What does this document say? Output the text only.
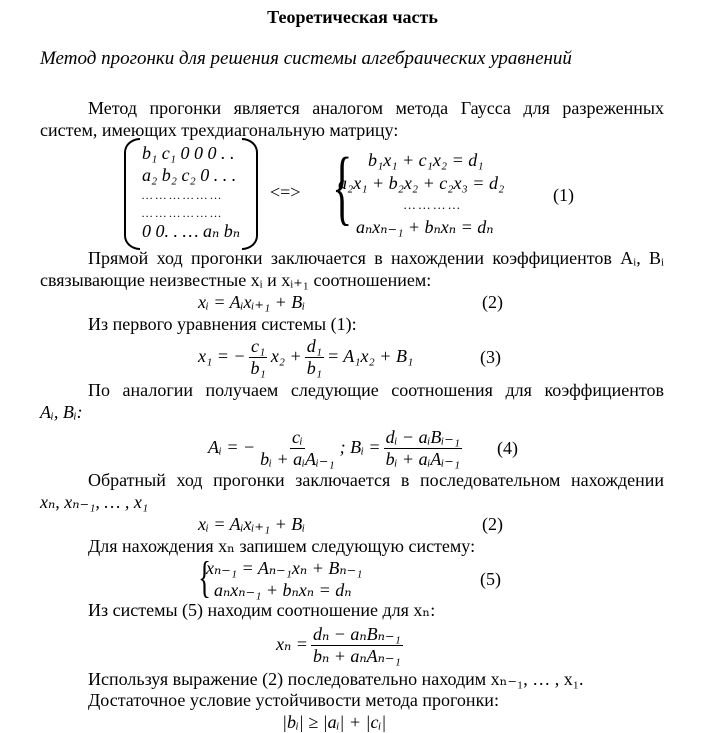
Теоретическая часть
Метод прогонки для решения системы алгебраических уравнений
Метод прогонки является аналогом метода Гаусса для разреженных
систем, имеющих трехдиагональную матрицу:
b₁ c₁ 0 0 0 . .
a₂ b₂ c₂ 0 . . .
… … … … … …
… … … … … …
0 0. . … aₙ bₙ
<=> { b₁x₁ + c₁x₂ = d₁
a₂x₁ + b₂x₂ + c₂x₃ = d₂
… … … …
aₙxₙ₋₁ + bₙxₙ = dₙ
(1)
Прямой ход прогонки заключается в нахождении коэффициентов Aᵢ, Bᵢ
связывающие неизвестные xᵢ и xᵢ₊₁ соотношением:
xᵢ = Aᵢxᵢ₊₁ + Bᵢ	(2)
Из первого уравнения системы (1):
x₁ = − $\frac{\text{c₁}}{\text{b₁}} x_2 + \frac{\text{d₁}}{\text{b₁}} = A_1x_2 + B_1$	(3)
По аналогии получаем следующие соотношения для коэффициентов
Aᵢ, Bᵢ:
Aᵢ = − $\frac{\text{cᵢ}}{\text{bᵢ + aᵢAᵢ₋₁}}$ ; Bᵢ = $\frac{\text{dᵢ − aᵢBᵢ₋₁}}{\text{bᵢ + aᵢAᵢ₋₁}} (4)$
Обратный ход прогонки заключается в последовательном нахождении
xₙ, xₙ₋₁, … , x₁
xᵢ = Aᵢxᵢ₊₁ + Bᵢ	(2)
Для нахождения xₙ запишем следующую систему:
{
xₙ₋₁ = Aₙ₋₁xₙ + Bₙ₋₁
aₙxₙ₋₁ + bₙxₙ = dₙ
(5)
Из системы (5) находим соотношение для xₙ:
$x_n = \frac{\text{dₙ − aₙBₙ₋₁}}{\text{bₙ + aₙAₙ₋₁}}$
Используя выражение (2) последовательно находим xₙ₋₁, … , x₁.
Достаточное условие устойчивости метода прогонки:
|bᵢ| ≥ |aᵢ| + |cᵢ|
